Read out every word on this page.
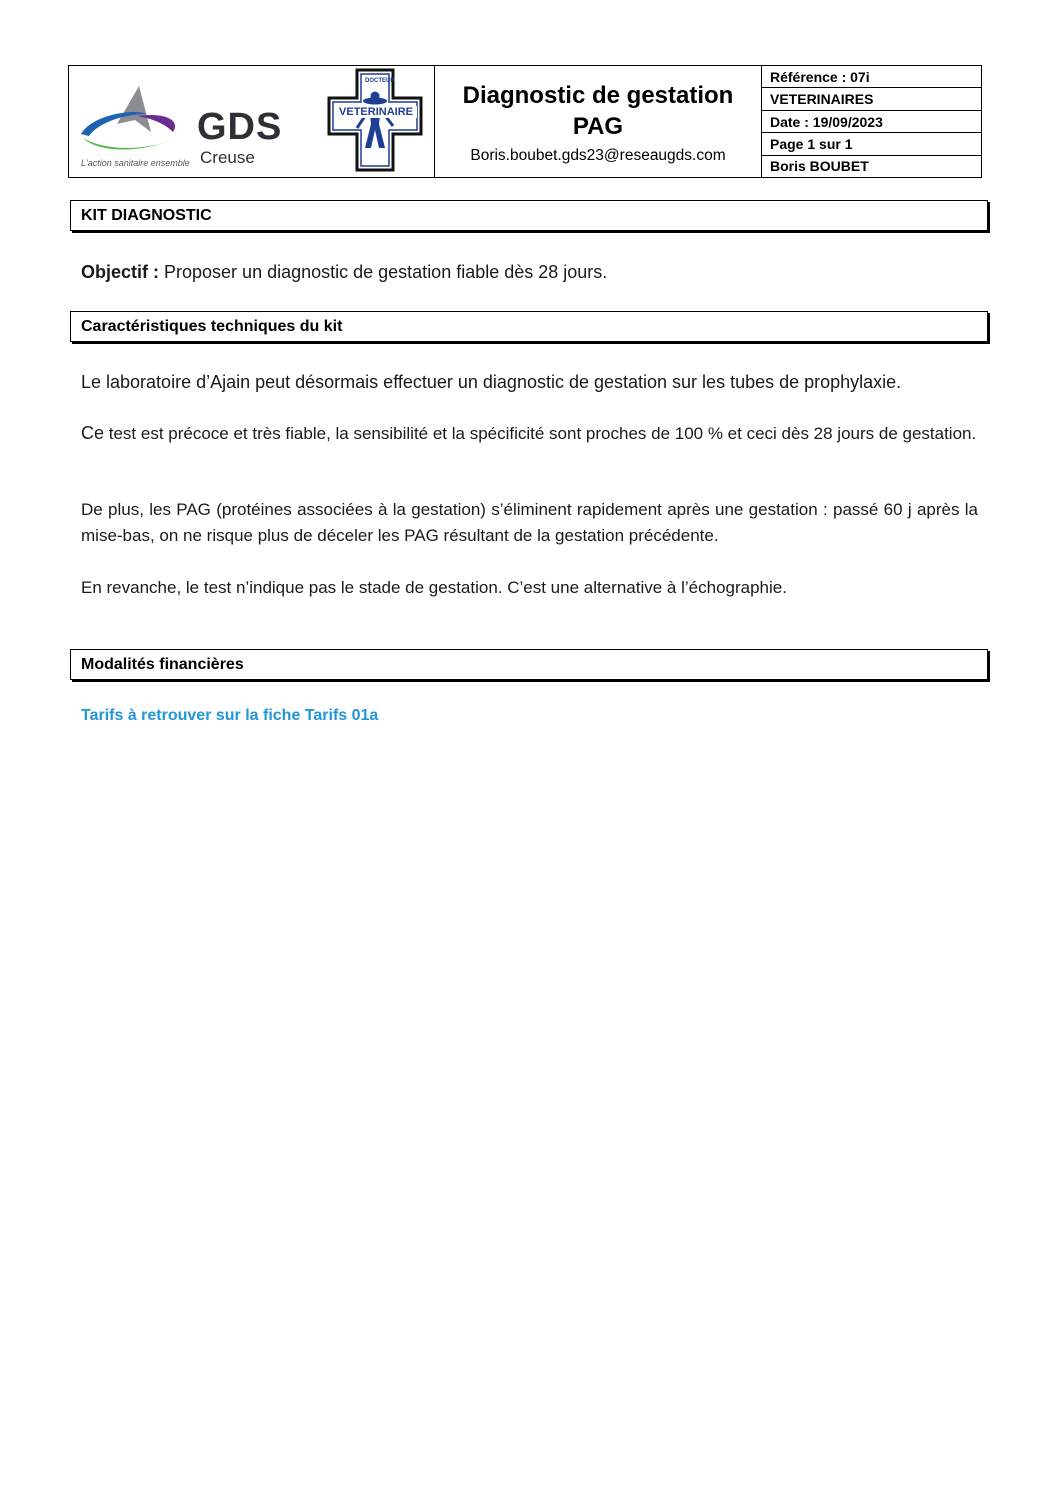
GDS
Creuse
L'action sanitaire ensemble
DOCTEUR
VETERINAIRE
Diagnostic de gestation
PAG
Boris.boubet.gds23@reseaugds.com
Référence : 07i
VETERINAIRES
Date : 19/09/2023
Page 1 sur 1
Boris BOUBET
KIT DIAGNOSTIC
Objectif : Proposer un diagnostic de gestation fiable dès 28 jours.
Caractéristiques techniques du kit
Le laboratoire d’Ajain peut désormais effectuer un diagnostic de gestation sur les tubes de prophylaxie.
Ce test est précoce et très fiable, la sensibilité et la spécificité sont proches de 100 % et ceci dès 28 jours de gestation.
De plus, les PAG (protéines associées à la gestation) s’éliminent rapidement après une gestation : passé 60 j après la mise-bas, on ne risque plus de déceler les PAG résultant de la gestation précédente.
En revanche, le test n’indique pas le stade de gestation. C’est une alternative à l’échographie.
Modalités financières
Tarifs à retrouver sur la fiche Tarifs 01a
